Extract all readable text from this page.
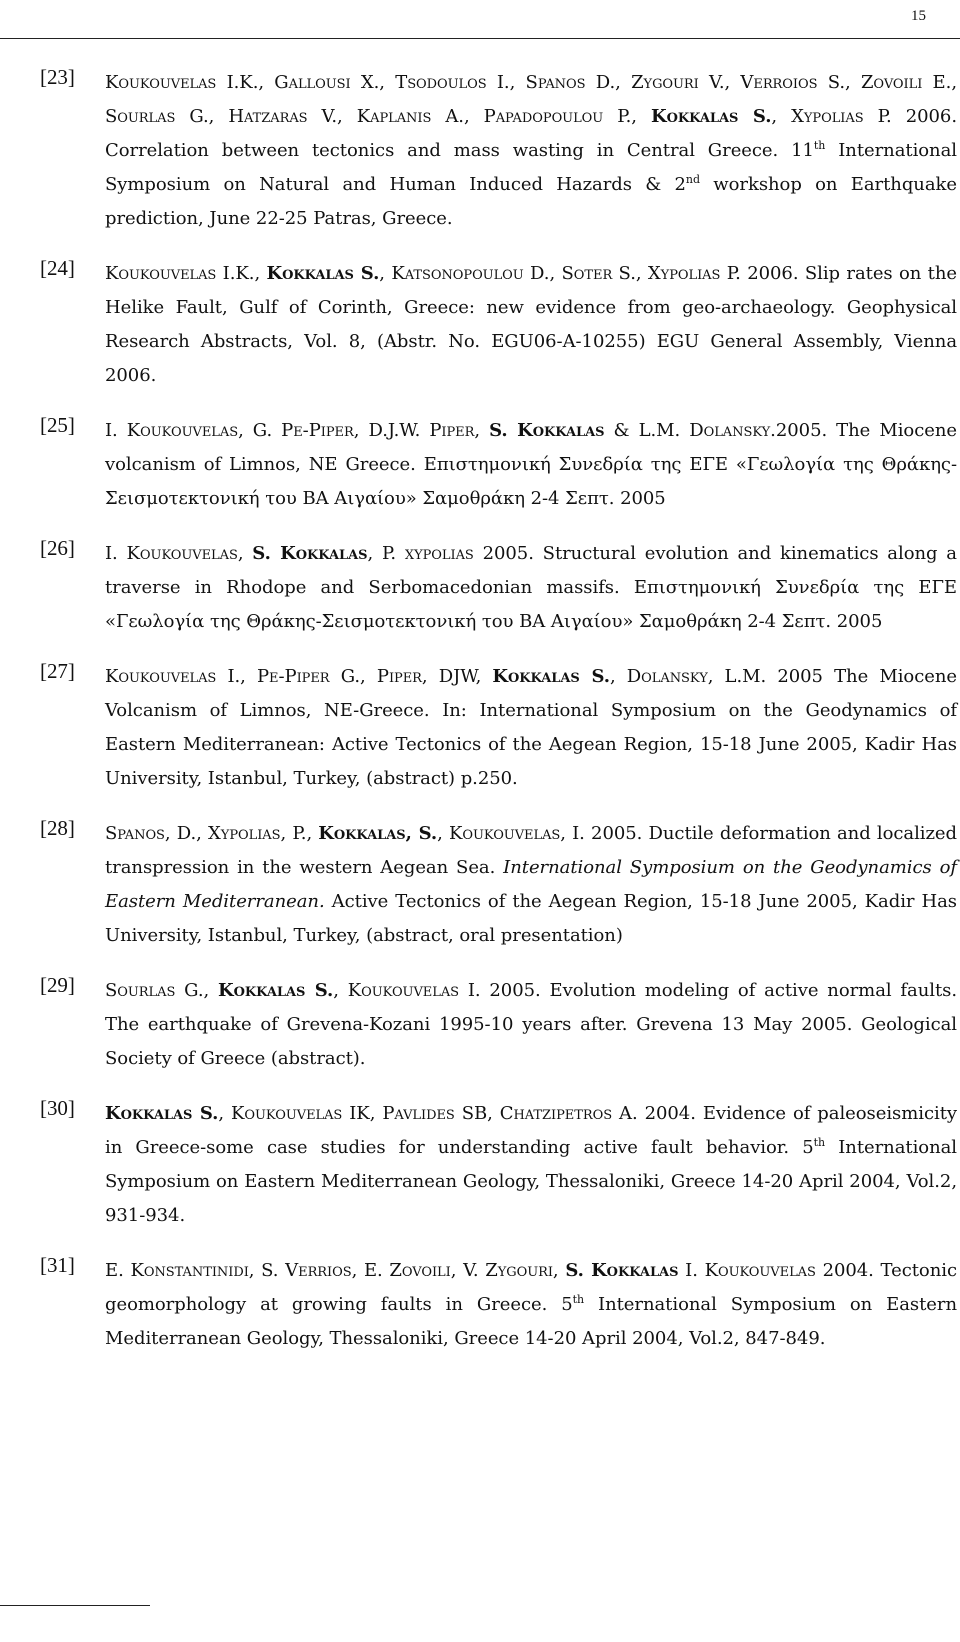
15
[23] Koukouvelas I.K., Gallousi X., Tsodoulos I., Spanos D., Zygouri V., Verroios S., Zovoili E., Sourlas G., Hatzaras V., Kaplanis A., Papadopoulou P., Kokkalas S., Xypolias P. 2006. Correlation between tectonics and mass wasting in Central Greece. 11th International Symposium on Natural and Human Induced Hazards & 2nd workshop on Earthquake prediction, June 22-25 Patras, Greece.
[24] Koukouvelas I.K., Kokkalas S., Katsonopoulou D., Soter S., Xypolias P. 2006. Slip rates on the Helike Fault, Gulf of Corinth, Greece: new evidence from geo-archaeology. Geophysical Research Abstracts, Vol. 8, (Abstr. No. EGU06-A-10255) EGU General Assembly, Vienna 2006.
[25] I. Koukouvelas, G. Pe-Piper, D.J.W. Piper, S. Kokkalas & L.M. Dolansky.2005. The Miocene volcanism of Limnos, NE Greece. Επιστημονική Συνεδρία της ΕΓΕ «Γεωλογία της Θράκης-Σεισμοτεκτονική του ΒΑ Αιγαίου» Σαμοθράκη 2-4 Σεπτ. 2005
[26] I. Koukouvelas, S. Kokkalas, P. xypolias 2005. Structural evolution and kinematics along a traverse in Rhodope and Serbomacedonian massifs. Επιστημονική Συνεδρία της ΕΓΕ «Γεωλογία της Θράκης-Σεισμοτεκτονική του ΒΑ Αιγαίου» Σαμοθράκη 2-4 Σεπτ. 2005
[27] Koukouvelas I., Pe-Piper G., Piper, DJW, Kokkalas S., Dolansky, L.M. 2005 The Miocene Volcanism of Limnos, NE-Greece. In: International Symposium on the Geodynamics of Eastern Mediterranean: Active Tectonics of the Aegean Region, 15-18 June 2005, Kadir Has University, Istanbul, Turkey, (abstract) p.250.
[28] Spanos, D., Xypolias, P., Kokkalas, S., Koukouvelas, I. 2005. Ductile deformation and localized transpression in the western Aegean Sea. International Symposium on the Geodynamics of Eastern Mediterranean. Active Tectonics of the Aegean Region, 15-18 June 2005, Kadir Has University, Istanbul, Turkey, (abstract, oral presentation)
[29] Sourlas G., Kokkalas S., Koukouvelas I. 2005. Evolution modeling of active normal faults. The earthquake of Grevena-Kozani 1995-10 years after. Grevena 13 May 2005. Geological Society of Greece (abstract).
[30] Kokkalas S., Koukouvelas IK, Pavlides SB, Chatzipetros A. 2004. Evidence of paleoseismicity in Greece-some case studies for understanding active fault behavior. 5th International Symposium on Eastern Mediterranean Geology, Thessaloniki, Greece 14-20 April 2004, Vol.2, 931-934.
[31] E. Konstantinidi, S. Verrios, E. Zovoili, V. Zygouri, S. Kokkalas I. Koukouvelas 2004. Tectonic geomorphology at growing faults in Greece. 5th International Symposium on Eastern Mediterranean Geology, Thessaloniki, Greece 14-20 April 2004, Vol.2, 847-849.
